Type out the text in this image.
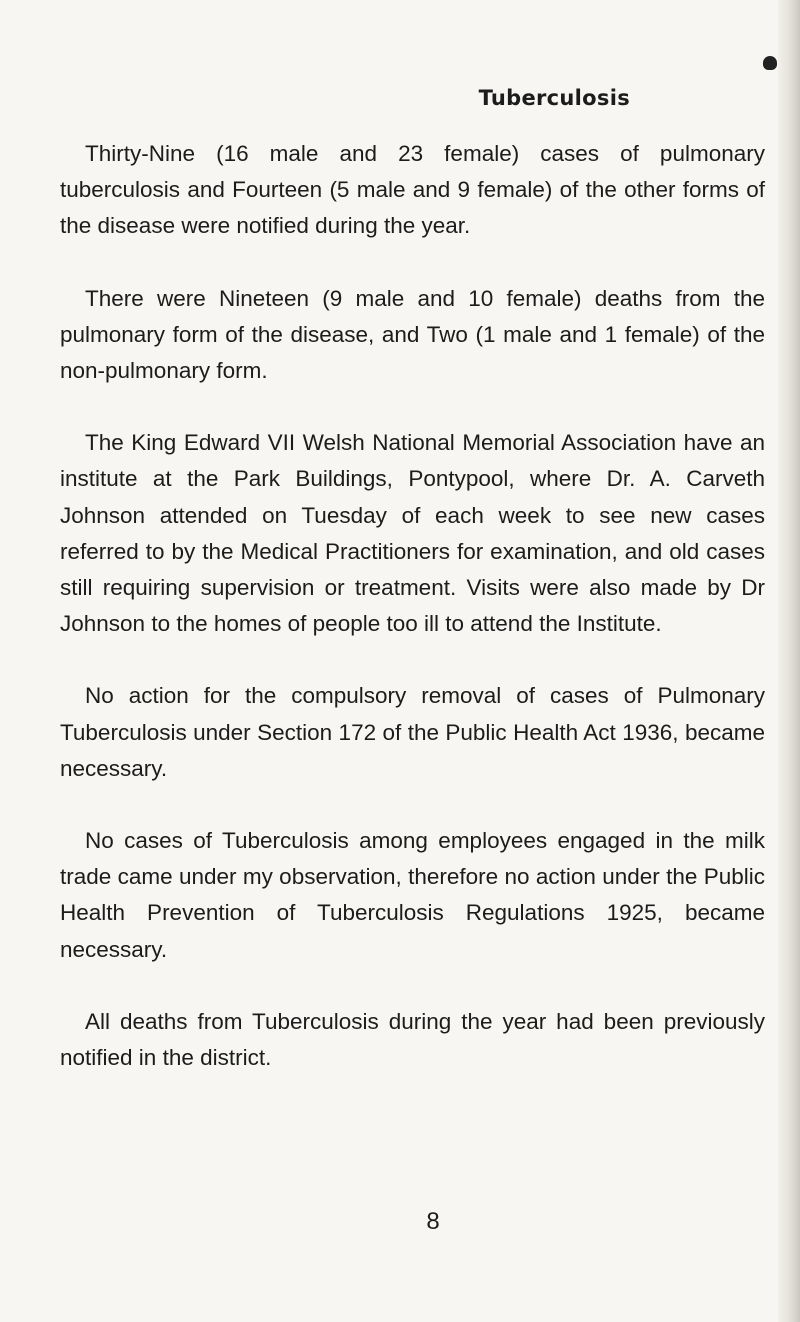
Tuberculosis

Thirty-Nine (16 male and 23 female) cases of pulmonary tuberculosis and Fourteen (5 male and 9 female) of the other forms of the disease were notified during the year.

There were Nineteen (9 male and 10 female) deaths from the pulmonary form of the disease, and Two (1 male and 1 female) of the non-pulmonary form.

The King Edward VII Welsh National Memorial Association have an institute at the Park Buildings, Pontypool, where Dr. A. Carveth Johnson attended on Tuesday of each week to see new cases referred to by the Medical Practitioners for examination, and old cases still requiring supervision or treatment. Visits were also made by Dr Johnson to the homes of people too ill to attend the Institute.

No action for the compulsory removal of cases of Pulmonary Tuberculosis under Section 172 of the Public Health Act 1936, became necessary.

No cases of Tuberculosis among employees engaged in the milk trade came under my observation, therefore no action under the Public Health Prevention of Tuberculosis Regulations 1925, became necessary.

All deaths from Tuberculosis during the year had been previously notified in the district.

8
